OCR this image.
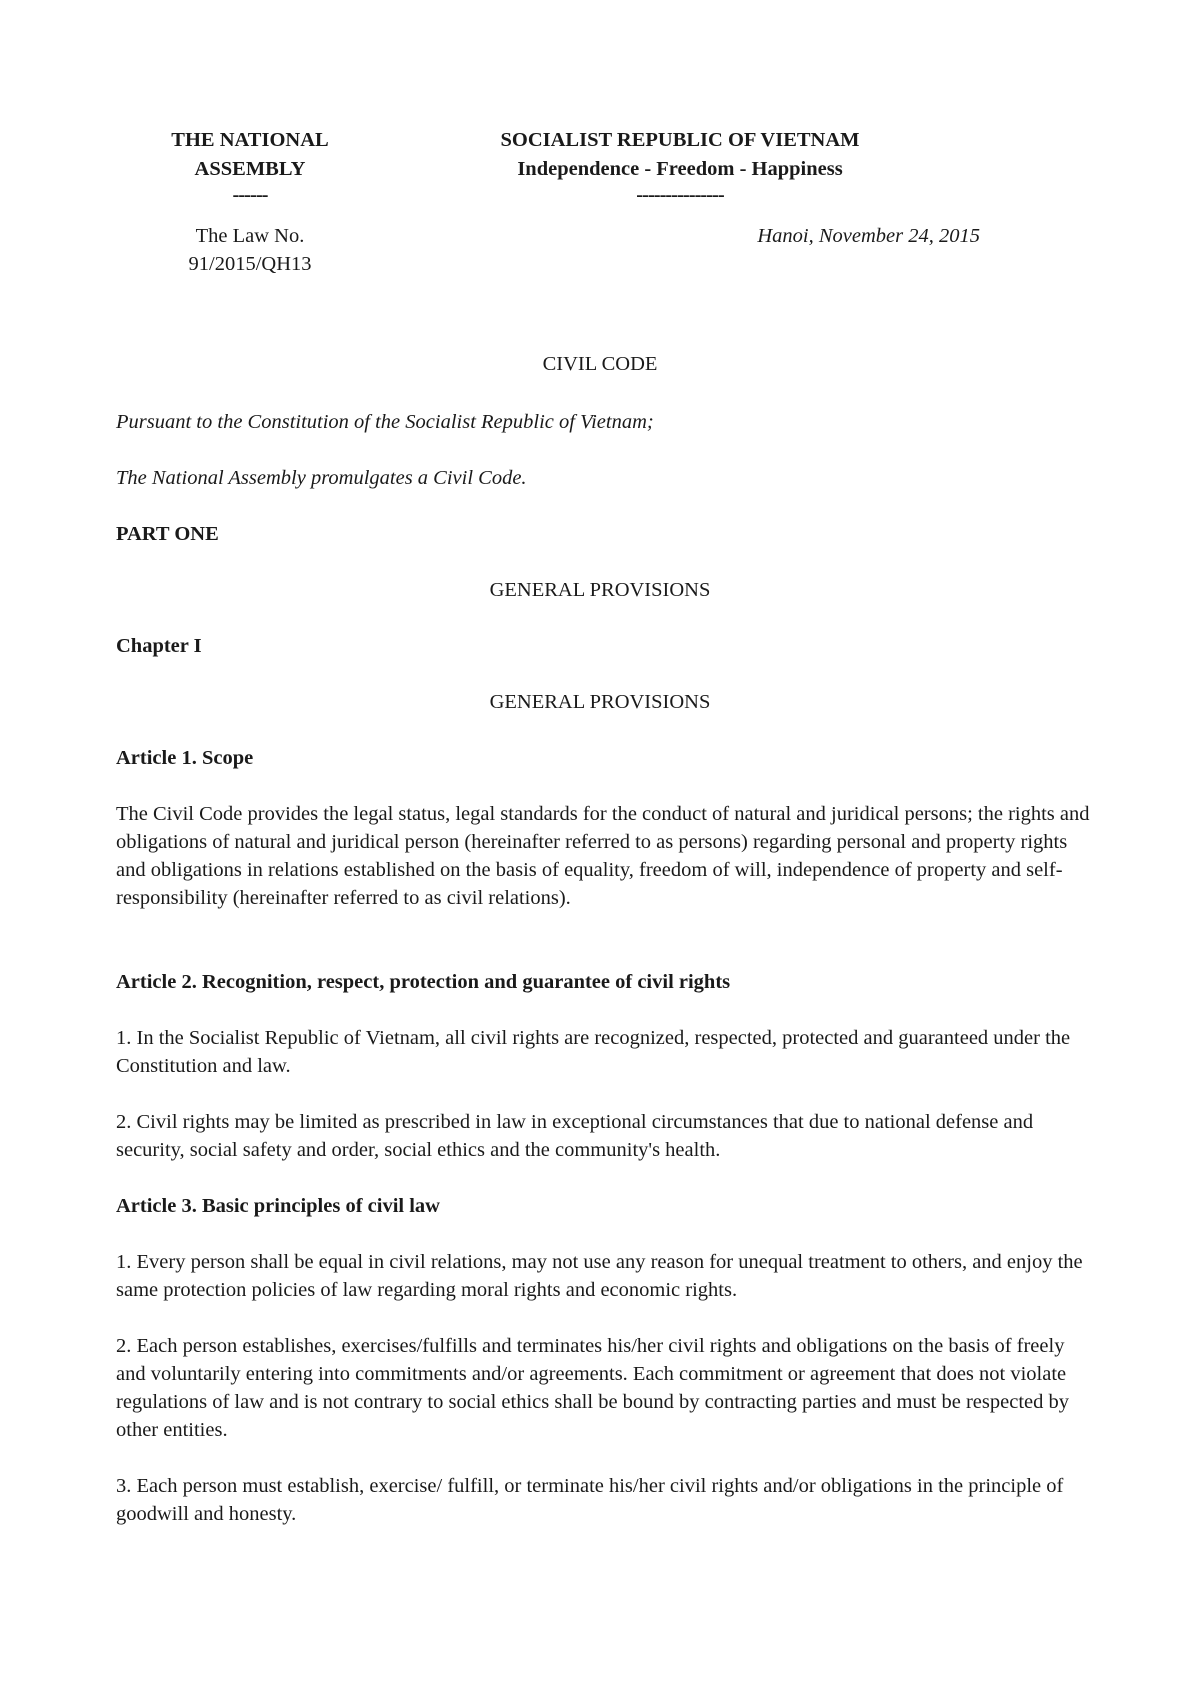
THE NATIONAL
ASSEMBLY
------
SOCIALIST REPUBLIC OF VIETNAM
Independence - Freedom - Happiness
---------------
The Law No.
91/2015/QH13
Hanoi, November 24, 2015

CIVIL CODE

Pursuant to the Constitution of the Socialist Republic of Vietnam;

The National Assembly promulgates a Civil Code.

PART ONE

GENERAL PROVISIONS

Chapter I

GENERAL PROVISIONS

Article 1. Scope

The Civil Code provides the legal status, legal standards for the conduct of natural and juridical persons; the rights and obligations of natural and juridical person (hereinafter referred to as persons) regarding personal and property rights and obligations in relations established on the basis of equality, freedom of will, independence of property and self-responsibility (hereinafter referred to as civil relations).

Article 2. Recognition, respect, protection and guarantee of civil rights

1. In the Socialist Republic of Vietnam, all civil rights are recognized, respected, protected and guaranteed under the Constitution and law.

2. Civil rights may be limited as prescribed in law in exceptional circumstances that due to national defense and security, social safety and order, social ethics and the community's health.

Article 3. Basic principles of civil law

1. Every person shall be equal in civil relations, may not use any reason for unequal treatment to others, and enjoy the same protection policies of law regarding moral rights and economic rights.

2. Each person establishes, exercises/fulfills and terminates his/her civil rights and obligations on the basis of freely and voluntarily entering into commitments and/or agreements. Each commitment or agreement that does not violate regulations of law and is not contrary to social ethics shall be bound by contracting parties and must be respected by other entities.

3. Each person must establish, exercise/ fulfill, or terminate his/her civil rights and/or obligations in the principle of goodwill and honesty.
